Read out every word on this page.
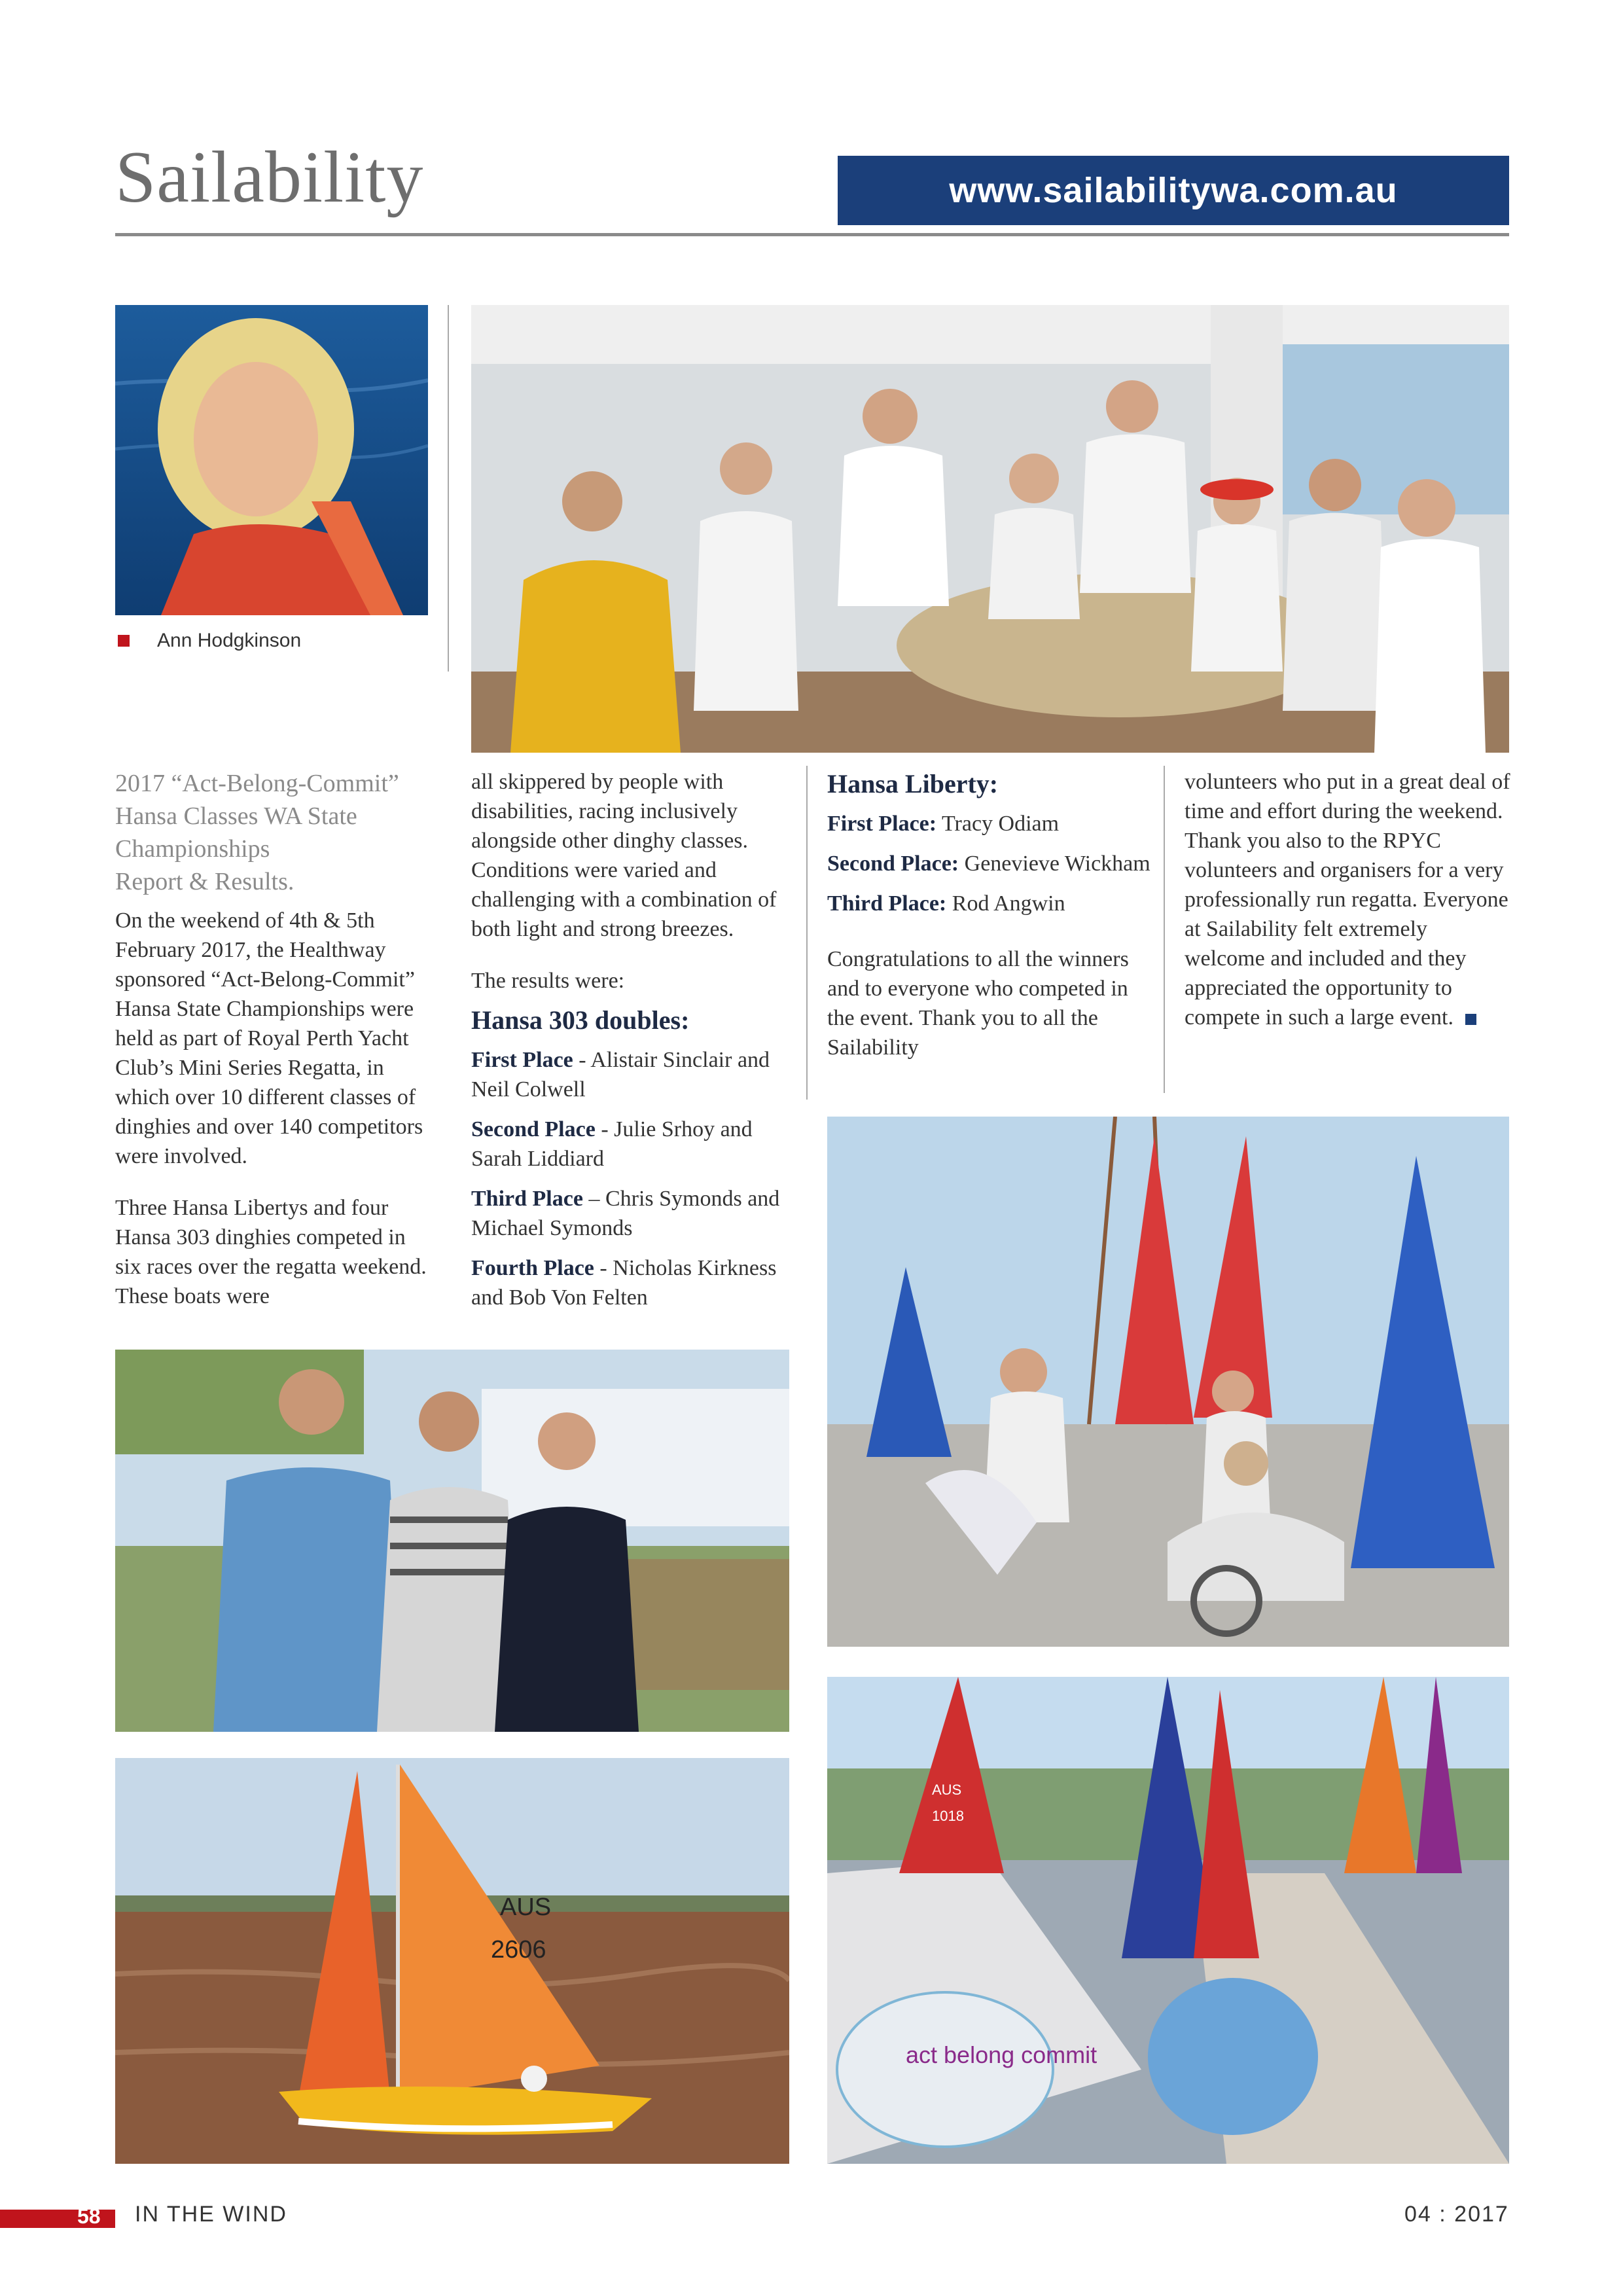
Sailability	www.sailabilitywa.com.au
Ann Hodgkinson
2017 “Act-Belong-Commit”
Hansa Classes WA State
Championships
Report & Results.

On the weekend of 4th & 5th February 2017, the Healthway sponsored “Act-Belong-Commit” Hansa State Championships were held as part of Royal Perth Yacht Club’s Mini Series Regatta, in which over 10 different classes of dinghies and over 140 competitors were involved.

Three Hansa Libertys and four Hansa 303 dinghies competed in six races over the regatta weekend. These boats were

all skippered by people with disabilities, racing inclusively alongside other dinghy classes. Conditions were varied and challenging with a combination of both light and strong breezes.

The results were:

Hansa 303 doubles:
First Place - Alistair Sinclair and Neil Colwell
Second Place - Julie Srhoy and Sarah Liddiard
Third Place – Chris Symonds and Michael Symonds
Fourth Place - Nicholas Kirkness and Bob Von Felten
Hansa Liberty:
First Place: Tracy Odiam
Second Place: Genevieve Wickham
Third Place: Rod Angwin

Congratulations to all the winners and to everyone who competed in the event. Thank you to all the Sailability

volunteers who put in a great deal of time and effort during the weekend. Thank you also to the RPYC volunteers and organisers for a very professionally run regatta. Everyone at Sailability felt extremely welcome and included and they appreciated the opportunity to compete in such a large event.

AUS
2606
AUS
1018
act belong commit
58 IN THE WIND	04 : 2017
